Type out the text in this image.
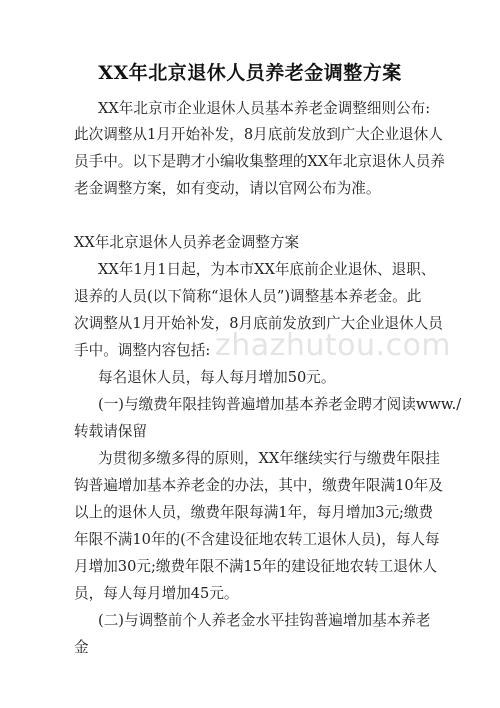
XX年北京退休人员养老金调整方案
zhazhutou.com
XX年北京市企业退休人员基本养老金调整细则公布:
此次调整从1月开始补发，8月底前发放到广大企业退休人
员手中。以下是聘才小编收集整理的XX年北京退休人员养
老金调整方案，如有变动，请以官网公布为准。
XX年北京退休人员养老金调整方案
XX年1月1日起，为本市XX年底前企业退休、退职、
退养的人员(以下简称“退休人员”)调整基本养老金。此
次调整从1月开始补发，8月底前发放到广大企业退休人员
手中。调整内容包括:
每名退休人员，每人每月增加50元。
(一)与缴费年限挂钩普遍增加基本养老金聘才阅读www./
转载请保留
为贯彻多缴多得的原则，XX年继续实行与缴费年限挂
钩普遍增加基本养老金的办法，其中，缴费年限满10年及
以上的退休人员，缴费年限每满1年，每月增加3元;缴费
年限不满10年的(不含建设征地农转工退休人员)，每人每
月增加30元;缴费年限不满15年的建设征地农转工退休人
员，每人每月增加45元。
(二)与调整前个人养老金水平挂钩普遍增加基本养老
金
